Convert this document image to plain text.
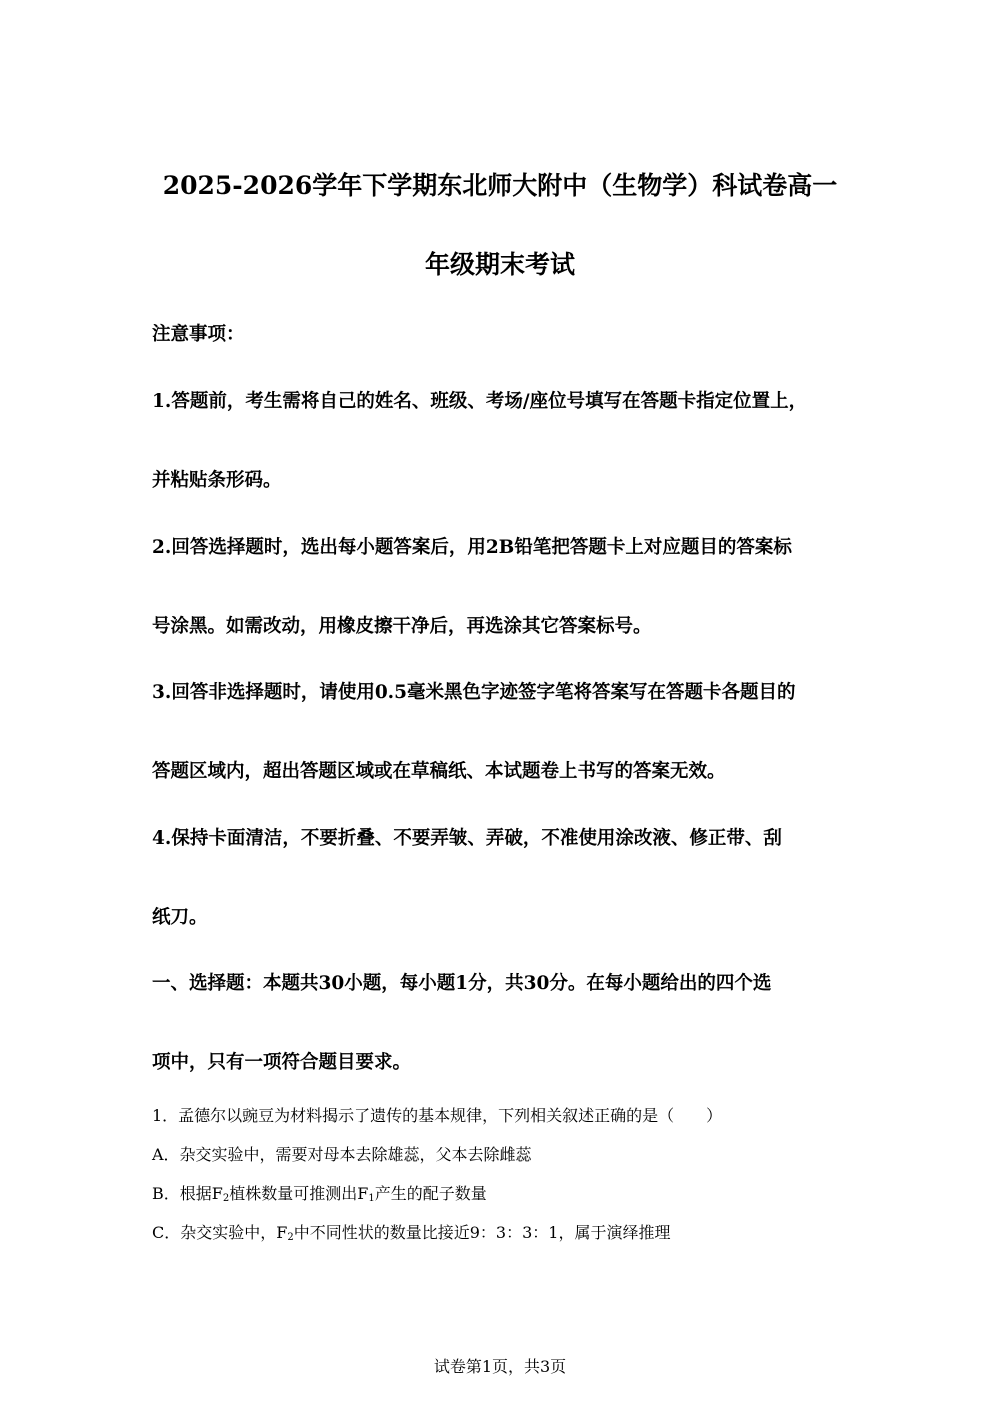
2025-2026学年下学期东北师大附中（生物学）科试卷高一
年级期末考试
注意事项：
1.答题前，考生需将自己的姓名、班级、考场/座位号填写在答题卡指定位置上，
并粘贴条形码。
2.回答选择题时，选出每小题答案后，用2B铅笔把答题卡上对应题目的答案标
号涂黑。如需改动，用橡皮擦干净后，再选涂其它答案标号。
3.回答非选择题时，请使用0.5毫米黑色字迹签字笔将答案写在答题卡各题目的
答题区域内，超出答题区域或在草稿纸、本试题卷上书写的答案无效。
4.保持卡面清洁，不要折叠、不要弄皱、弄破，不准使用涂改液、修正带、刮
纸刀。
一、选择题：本题共30小题，每小题1分，共30分。在每小题给出的四个选
项中，只有一项符合题目要求。
1．孟德尔以豌豆为材料揭示了遗传的基本规律，下列相关叙述正确的是（　　）
A．杂交实验中，需要对母本去除雄蕊，父本去除雌蕊
B．根据$F_2$植株数量可推测出$F_1$产生的配子数量
C．杂交实验中，$F_2$中不同性状的数量比接近9：3：3：1，属于演绎推理
试卷第1页，共3页
